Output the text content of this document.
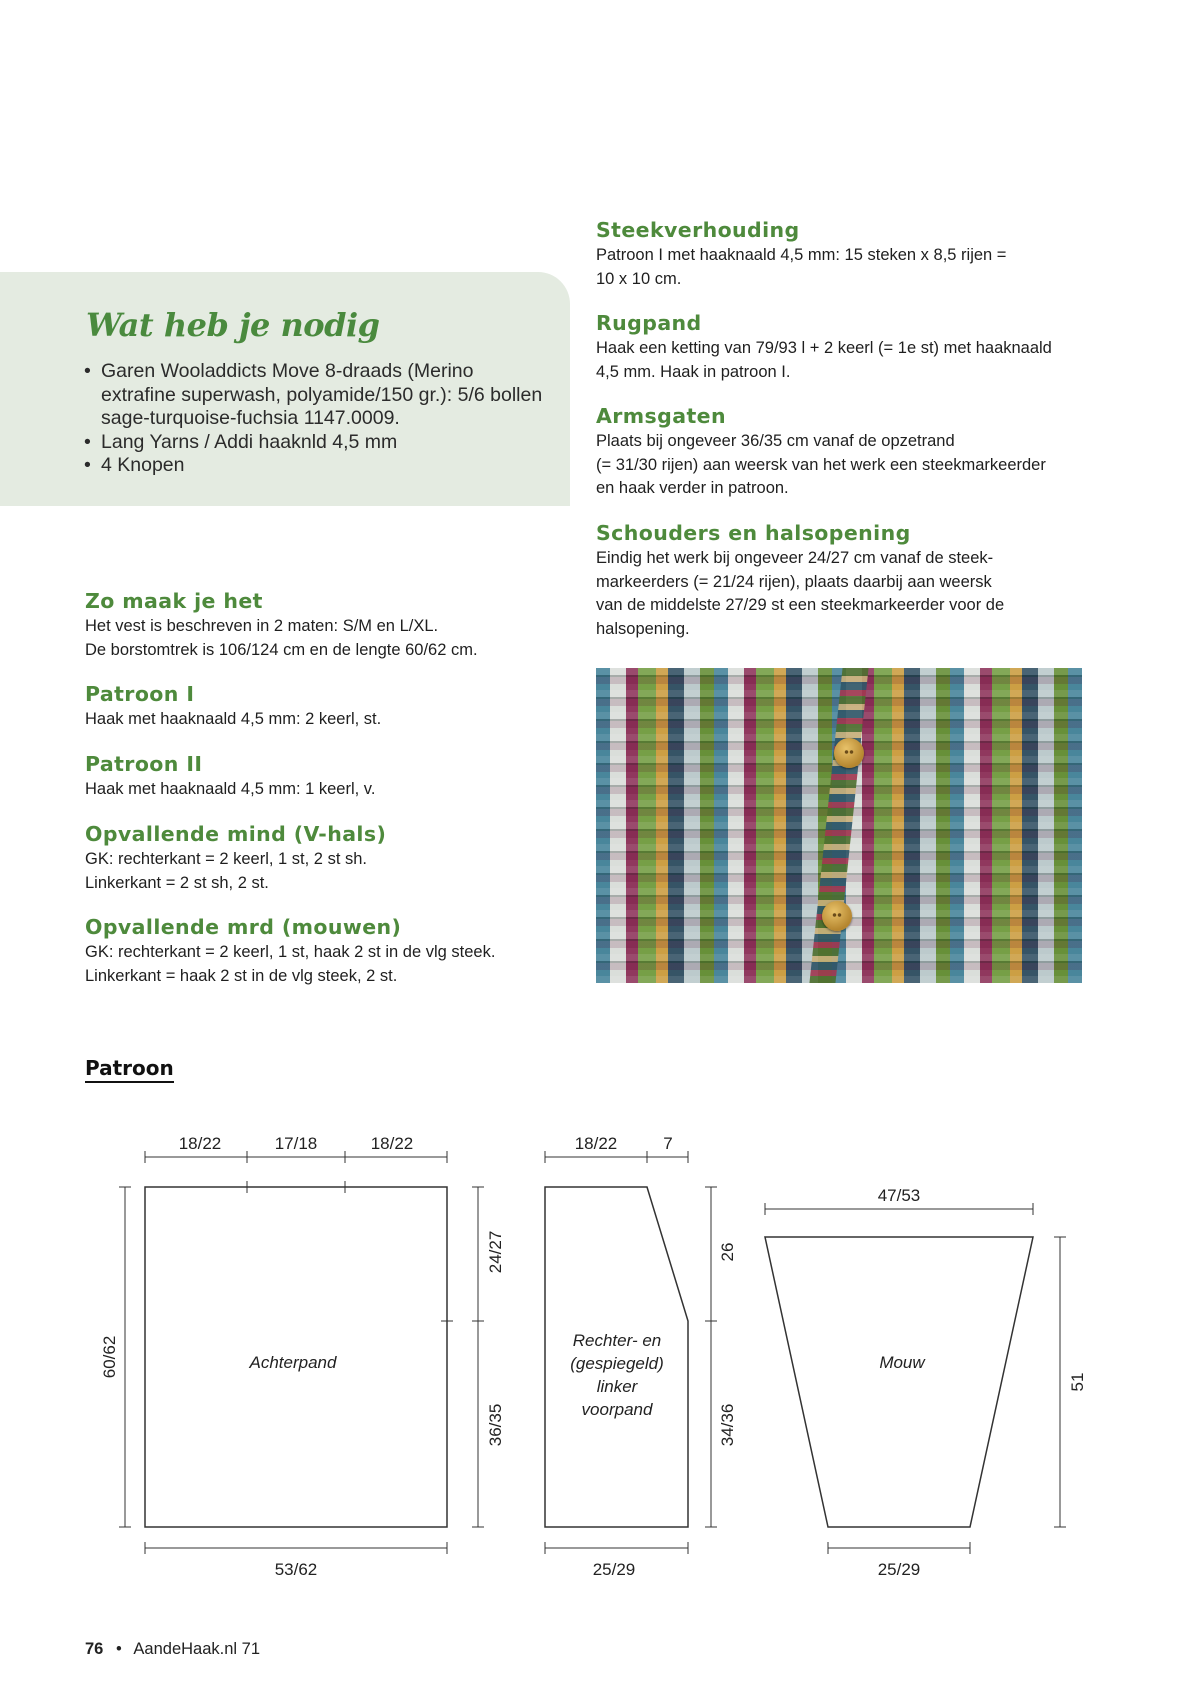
Wat heb je nodig
• Garen Wooladdicts Move 8-draads (Merino extrafine superwash, polyamide/150 gr.): 5/6 bollen sage-turquoise-fuchsia 1147.0009.
• Lang Yarns / Addi haaknld 4,5 mm
• 4 Knopen
Steekverhouding
Patroon I met haaknaald 4,5 mm: 15 steken x 8,5 rijen =
10 x 10 cm.
Rugpand
Haak een ketting van 79/93 l + 2 keerl (= 1e st) met haaknaald
4,5 mm. Haak in patroon I.
Armsgaten
Plaats bij ongeveer 36/35 cm vanaf de opzetrand
(= 31/30 rijen) aan weersk van het werk een steekmarkeerder
en haak verder in patroon.
Schouders en halsopening
Eindig het werk bij ongeveer 24/27 cm vanaf de steek-
markeerders (= 21/24 rijen), plaats daarbij aan weersk
van de middelste 27/29 st een steekmarkeerder voor de
halsopening.
Zo maak je het
Het vest is beschreven in 2 maten: S/M en L/XL.
De borstomtrek is 106/124 cm en de lengte 60/62 cm.
Patroon I
Haak met haaknaald 4,5 mm: 2 keerl, st.
Patroon II
Haak met haaknaald 4,5 mm: 1 keerl, v.
Opvallende mind (V-hals)
GK: rechterkant = 2 keerl, 1 st, 2 st sh.
Linkerkant = 2 st sh, 2 st.
Opvallende mrd (mouwen)
GK: rechterkant = 2 keerl, 1 st, haak 2 st in de vlg steek.
Linkerkant = haak 2 st in de vlg steek, 2 st.
Patroon
18/22	17/18	18/22
53/62
60/62
24/27
36/35
Achterpand
18/22	7
25/29
26
34/36
Rechter- en
(gespiegeld)
linker
voorpand
47/53
25/29
51
Mouw
76 • AandeHaak.nl 71
